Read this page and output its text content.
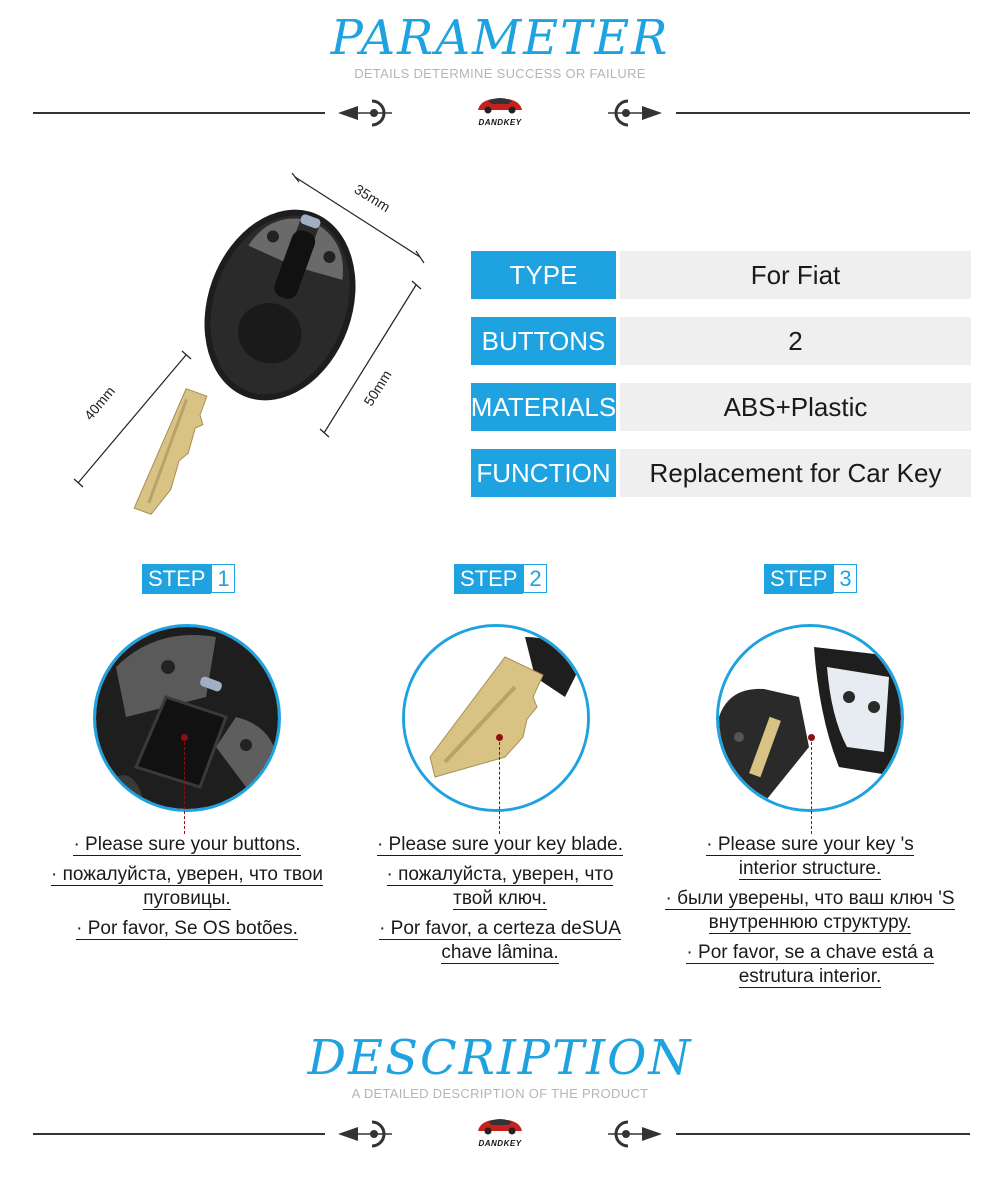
PARAMETER
DETAILS DETERMINE SUCCESS OR FAILURE
DANDKEY
35mm
50mm
40mm
TYPE	For Fiat
BUTTONS	2
MATERIALS	ABS+Plastic
FUNCTION	Replacement for Car Key
STEP 1	STEP 2	STEP 3

· Please sure your buttons.

· пожалуйста, уверен, что твои
пуговицы.

· Por favor, Se OS botões.

· Please sure your key blade.

· пожалуйста, уверен, что
твой ключ.

· Por favor, a certeza deSUA
chave lâmina.

· Please sure your key 's
interior structure.

· были уверены, что ваш ключ 'S
внутреннюю структуру.

· Por favor, se a chave está a
estrutura interior.

DESCRIPTION
A DETAILED DESCRIPTION OF THE PRODUCT
DANDKEY
